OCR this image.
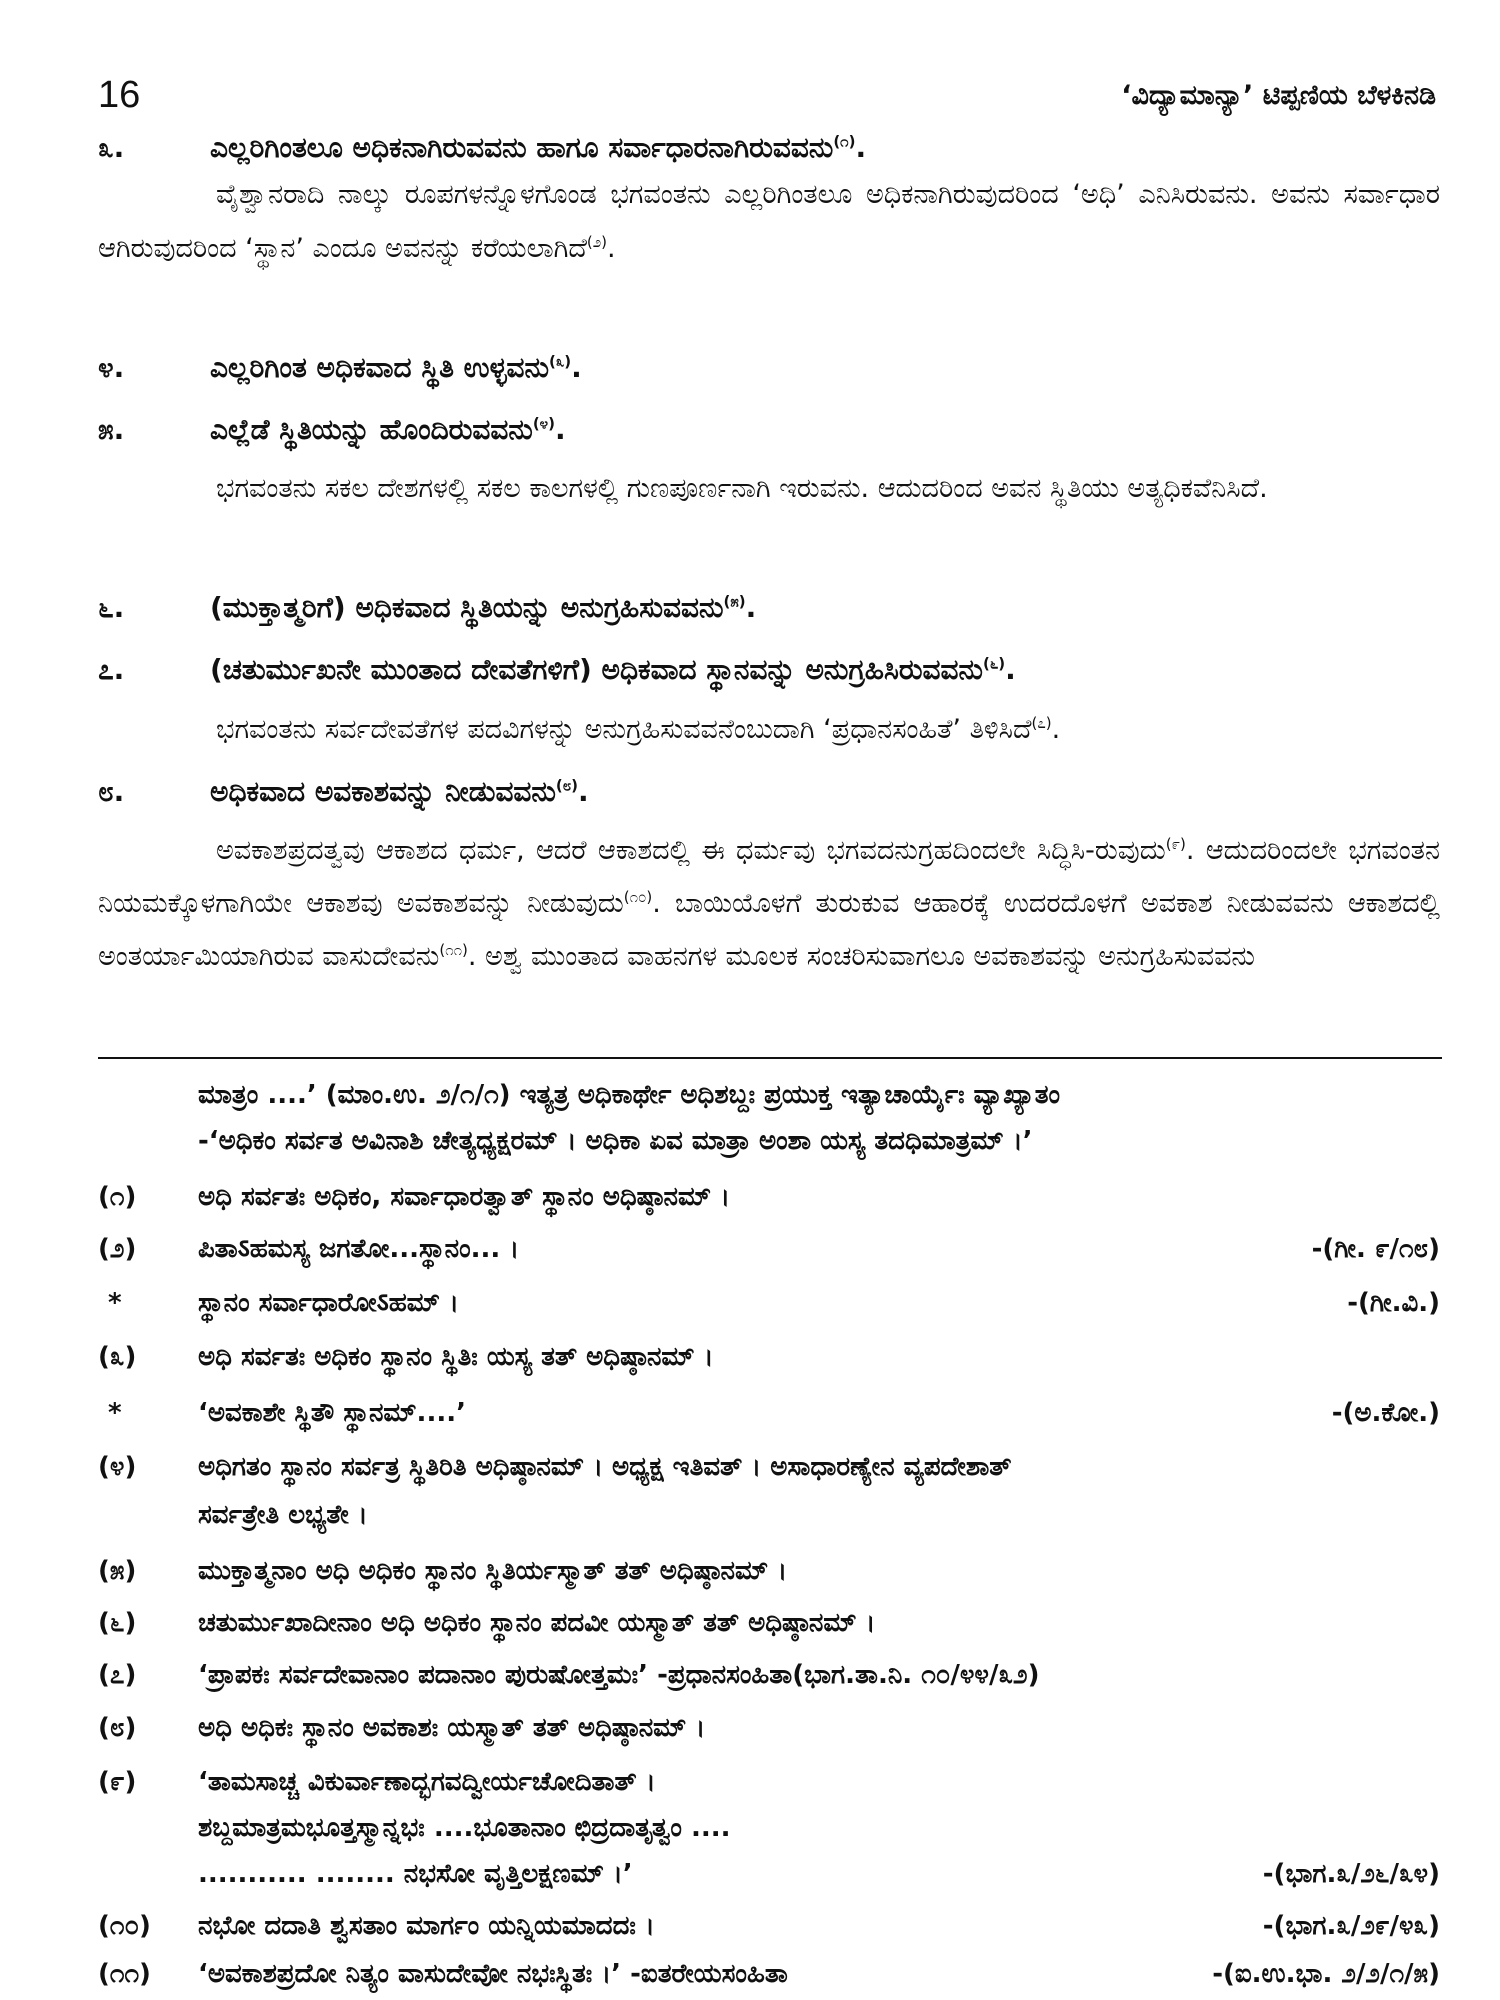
16	‘ವಿದ್ಯಾಮಾನ್ಯಾ’ ಟಿಪ್ಪಣಿಯ ಬೆಳಕಿನಡಿ
೩.	ಎಲ್ಲರಿಗಿಂತಲೂ ಅಧಿಕನಾಗಿರುವವನು ಹಾಗೂ ಸರ್ವಾಧಾರನಾಗಿರುವವನು$^{(೧)}$.
ವೈಶ್ವಾನರಾದಿ ನಾಲ್ಕು ರೂಪಗಳನ್ನೊಳಗೊಂಡ ಭಗವಂತನು ಎಲ್ಲರಿಗಿಂತಲೂ ಅಧಿಕನಾಗಿರುವುದರಿಂದ ‘ಅಧಿ’ ಎನಿಸಿರುವನು. ಅವನು ಸರ್ವಾಧಾರ ಆಗಿರುವುದರಿಂದ ‘ಸ್ಥಾನ’ ಎಂದೂ ಅವನನ್ನು ಕರೆಯಲಾಗಿದೆ$^{(೨)}$.
೪.	ಎಲ್ಲರಿಗಿಂತ ಅಧಿಕವಾದ ಸ್ಥಿತಿ ಉಳ್ಳವನು$^{(೩)}$.
೫.	ಎಲ್ಲೆಡೆ ಸ್ಥಿತಿಯನ್ನು ಹೊಂದಿರುವವನು$^{(೪)}$.
ಭಗವಂತನು ಸಕಲ ದೇಶಗಳಲ್ಲಿ ಸಕಲ ಕಾಲಗಳಲ್ಲಿ ಗುಣಪೂರ್ಣನಾಗಿ ಇರುವನು. ಆದುದರಿಂದ ಅವನ ಸ್ಥಿತಿಯು ಅತ್ಯಧಿಕವೆನಿಸಿದೆ.
೬.	(ಮುಕ್ತಾತ್ಮರಿಗೆ) ಅಧಿಕವಾದ ಸ್ಥಿತಿಯನ್ನು ಅನುಗ್ರಹಿಸುವವನು$^{(೫)}$.
೭.	(ಚತುರ್ಮುಖನೇ ಮುಂತಾದ ದೇವತೆಗಳಿಗೆ) ಅಧಿಕವಾದ ಸ್ಥಾನವನ್ನು ಅನುಗ್ರಹಿಸಿರುವವನು$^{(೬)}$.
ಭಗವಂತನು ಸರ್ವದೇವತೆಗಳ ಪದವಿಗಳನ್ನು ಅನುಗ್ರಹಿಸುವವನೆಂಬುದಾಗಿ ‘ಪ್ರಧಾನಸಂಹಿತೆ’ ತಿಳಿಸಿದೆ$^{(೭)}$.
೮.	ಅಧಿಕವಾದ ಅವಕಾಶವನ್ನು ನೀಡುವವನು$^{(೮)}$.
ಅವಕಾಶಪ್ರದತ್ವವು ಆಕಾಶದ ಧರ್ಮ, ಆದರೆ ಆಕಾಶದಲ್ಲಿ ಈ ಧರ್ಮವು ಭಗವದನುಗ್ರಹದಿಂದಲೇ ಸಿದ್ಧಿಸಿ-ರುವುದು$^{(೯)}$. ಆದುದರಿಂದಲೇ ಭಗವಂತನ ನಿಯಮಕ್ಕೊಳಗಾಗಿಯೇ ಆಕಾಶವು ಅವಕಾಶವನ್ನು ನೀಡುವುದು$^{(೧೦)}$. ಬಾಯಿಯೊಳಗೆ ತುರುಕುವ ಆಹಾರಕ್ಕೆ ಉದರದೊಳಗೆ ಅವಕಾಶ ನೀಡುವವನು ಆಕಾಶದಲ್ಲಿ ಅಂತರ್ಯಾಮಿಯಾಗಿರುವ ವಾಸುದೇವನು$^{(೧೧)}$. ಅಶ್ವ ಮುಂತಾದ ವಾಹನಗಳ ಮೂಲಕ ಸಂಚರಿಸುವಾಗಲೂ ಅವಕಾಶವನ್ನು ಅನುಗ್ರಹಿಸುವವನು
ಮಾತ್ರಂ ....’ (ಮಾಂ.ಉ. ೨/೧/೧) ಇತ್ಯತ್ರ ಅಧಿಕಾರ್ಥೇ ಅಧಿಶಬ್ದಃ ಪ್ರಯುಕ್ತ ಇತ್ಯಾಚಾರ್ಯೈಃ ವ್ಯಾಖ್ಯಾತಂ
-‘ಅಧಿಕಂ ಸರ್ವತ ಅವಿನಾಶಿ ಚೇತ್ಯಧ್ಯಕ್ಷರಮ್ । ಅಧಿಕಾ ಏವ ಮಾತ್ರಾ ಅಂಶಾ ಯಸ್ಯ ತದಧಿಮಾತ್ರಮ್ ।’
(೧)	ಅಧಿ ಸರ್ವತಃ ಅಧಿಕಂ, ಸರ್ವಾಧಾರತ್ವಾತ್ ಸ್ಥಾನಂ ಅಧಿಷ್ಠಾನಮ್ ।
(೨)	ಪಿತಾऽಹಮಸ್ಯ ಜಗತೋ...ಸ್ಥಾನಂ... ।	-(ಗೀ. ೯/೧೮)
*	ಸ್ಥಾನಂ ಸರ್ವಾಧಾರೋऽಹಮ್ ।	-(ಗೀ.ವಿ.)
(೩)	ಅಧಿ ಸರ್ವತಃ ಅಧಿಕಂ ಸ್ಥಾನಂ ಸ್ಥಿತಿಃ ಯಸ್ಯ ತತ್ ಅಧಿಷ್ಠಾನಮ್ ।
*	‘ಅವಕಾಶೇ ಸ್ಥಿತೌ ಸ್ಥಾನಮ್....’	-(ಅ.ಕೋ.)
(೪)	ಅಧಿಗತಂ ಸ್ಥಾನಂ ಸರ್ವತ್ರ ಸ್ಥಿತಿರಿತಿ ಅಧಿಷ್ಠಾನಮ್ । ಅಧ್ಯಕ್ಷ ಇತಿವತ್ । ಅಸಾಧಾರಣ್ಯೇನ ವ್ಯಪದೇಶಾತ್
ಸರ್ವತ್ರೇತಿ ಲಭ್ಯತೇ ।
(೫)	ಮುಕ್ತಾತ್ಮನಾಂ ಅಧಿ ಅಧಿಕಂ ಸ್ಥಾನಂ ಸ್ಥಿತಿರ್ಯಸ್ಮಾತ್ ತತ್ ಅಧಿಷ್ಠಾನಮ್ ।
(೬)	ಚತುರ್ಮುಖಾದೀನಾಂ ಅಧಿ ಅಧಿಕಂ ಸ್ಥಾನಂ ಪದವೀ ಯಸ್ಮಾತ್ ತತ್ ಅಧಿಷ್ಠಾನಮ್ ।
(೭)	‘ಪ್ರಾಪಕಃ ಸರ್ವದೇವಾನಾಂ ಪದಾನಾಂ ಪುರುಷೋತ್ತಮಃ’ -ಪ್ರಧಾನಸಂಹಿತಾ(ಭಾಗ.ತಾ.ನಿ. ೧೦/೪೪/೩೨)
(೮)	ಅಧಿ ಅಧಿಕಃ ಸ್ಥಾನಂ ಅವಕಾಶಃ ಯಸ್ಮಾತ್ ತತ್ ಅಧಿಷ್ಠಾನಮ್ ।
(೯)	‘ತಾಮಸಾಚ್ಚ ವಿಕುರ್ವಾಣಾದ್ಭಗವದ್ವೀರ್ಯಚೋದಿತಾತ್ ।
ಶಬ್ದಮಾತ್ರಮಭೂತ್ತಸ್ಮಾನ್ನಭಃ ....ಭೂತಾನಾಂ ಛಿದ್ರದಾತೃತ್ವಂ ....
........... ........ ನಭಸೋ ವೃತ್ತಿಲಕ್ಷಣಮ್ ।’	-(ಭಾಗ.೩/೨೬/೩೪)
(೧೦)	ನಭೋ ದದಾತಿ ಶ್ವಸತಾಂ ಮಾರ್ಗಂ ಯನ್ನಿಯಮಾದದಃ ।	-(ಭಾಗ.೩/೨೯/೪೩)
(೧೧)	‘ಅವಕಾಶಪ್ರದೋ ನಿತ್ಯಂ ವಾಸುದೇವೋ ನಭಃಸ್ಥಿತಃ ।’ -ಐತರೇಯಸಂಹಿತಾ	-(ಐ.ಉ.ಭಾ. ೨/೨/೧/೫)
